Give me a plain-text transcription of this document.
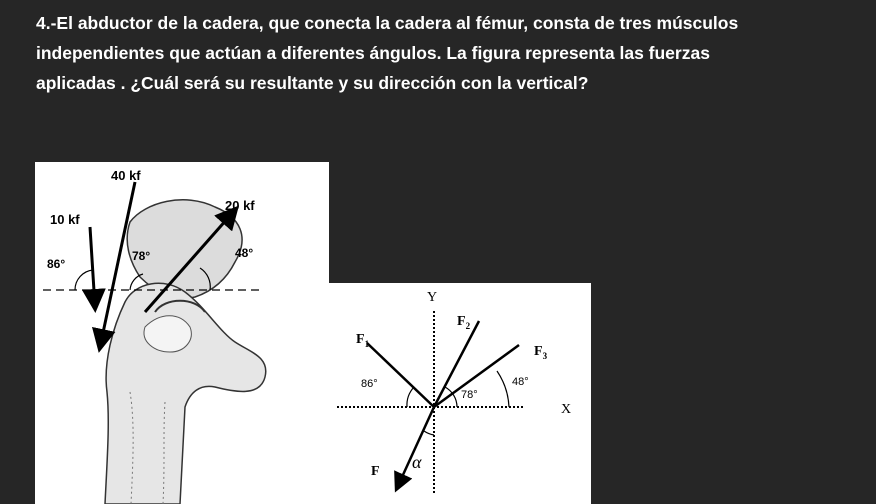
4.-El abductor de la cadera, que conecta la cadera al fémur, consta de tres músculos
independientes que actúan a diferentes ángulos. La figura representa las fuerzas
aplicadas . ¿Cuál será su resultante y su dirección con la vertical?
40 kf
10 kf
20 kf
86°
78°	48°
Y
X
$F_1$
$F_2$
$F_3$
F α
86°
78°
48°
